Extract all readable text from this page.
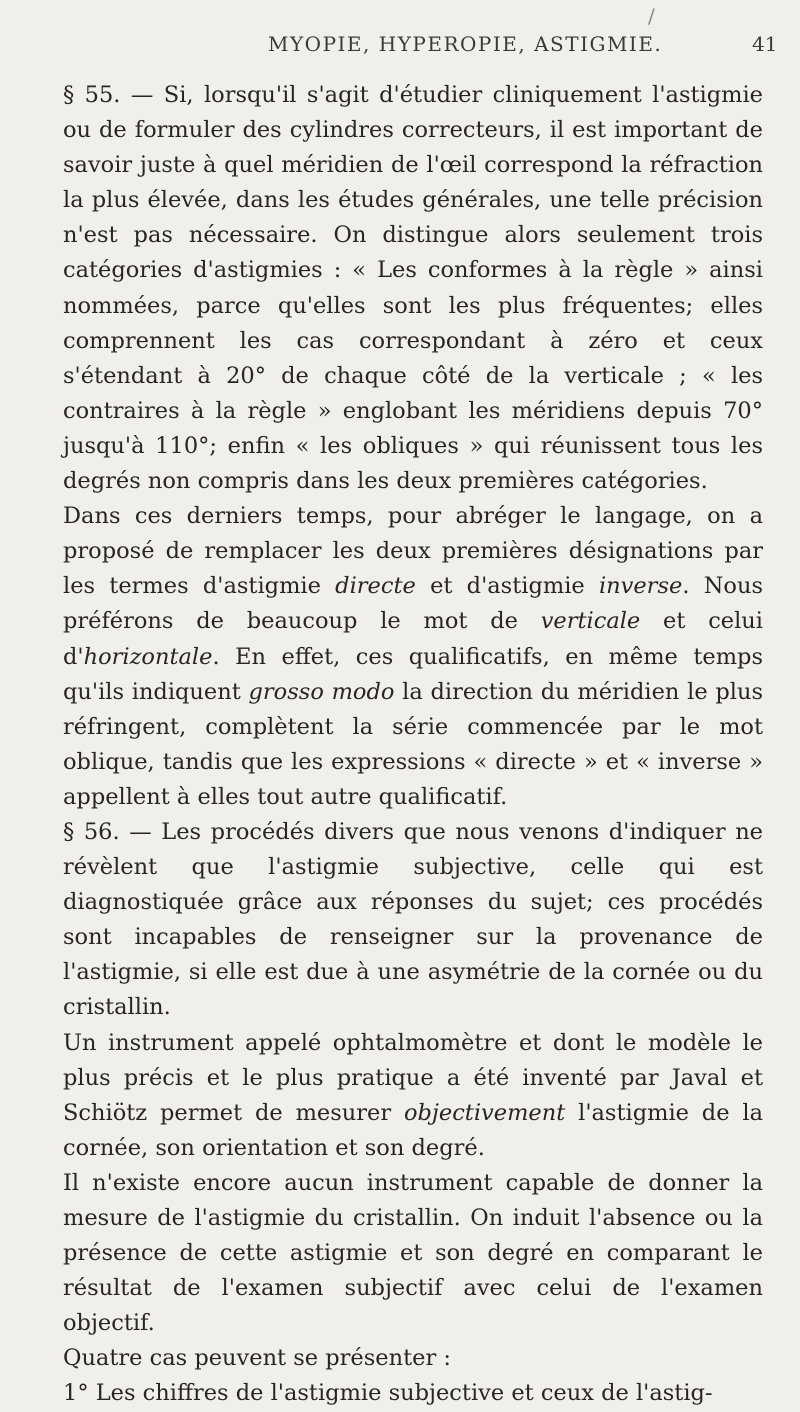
/
MYOPIE, HYPEROPIE, ASTIGMIE.	41

§ 55. — Si, lorsqu'il s'agit d'étudier cliniquement l'astigmie ou de formuler des cylindres correcteurs, il est important de savoir juste à quel méridien de l'œil correspond la réfraction la plus élevée, dans les études générales, une telle précision n'est pas nécessaire. On distingue alors seulement trois catégories d'astigmies : « Les conformes à la règle » ainsi nommées, parce qu'elles sont les plus fréquentes; elles comprennent les cas correspondant à zéro et ceux s'étendant à 20° de chaque côté de la verticale ; « les contraires à la règle » englobant les méridiens depuis 70° jusqu'à 110°; enfin « les obliques » qui réunissent tous les degrés non compris dans les deux premières catégories.

Dans ces derniers temps, pour abréger le langage, on a proposé de remplacer les deux premières désignations par les termes d'astigmie directe et d'astigmie inverse. Nous préférons de beaucoup le mot de verticale et celui d'horizontale. En effet, ces qualificatifs, en même temps qu'ils indiquent grosso modo la direction du méridien le plus réfringent, complètent la série commencée par le mot oblique, tandis que les expressions « directe » et « inverse » appellent à elles tout autre qualificatif.

§ 56. — Les procédés divers que nous venons d'indiquer ne révèlent que l'astigmie subjective, celle qui est diagnostiquée grâce aux réponses du sujet; ces procédés sont incapables de renseigner sur la provenance de l'astigmie, si elle est due à une asymétrie de la cornée ou du cristallin.

Un instrument appelé ophtalmomètre et dont le modèle le plus précis et le plus pratique a été inventé par Javal et Schiötz permet de mesurer objectivement l'astigmie de la cornée, son orientation et son degré.

Il n'existe encore aucun instrument capable de donner la mesure de l'astigmie du cristallin. On induit l'absence ou la présence de cette astigmie et son degré en comparant le résultat de l'examen subjectif avec celui de l'examen objectif.

Quatre cas peuvent se présenter :

1° Les chiffres de l'astigmie subjective et ceux de l'astig-
